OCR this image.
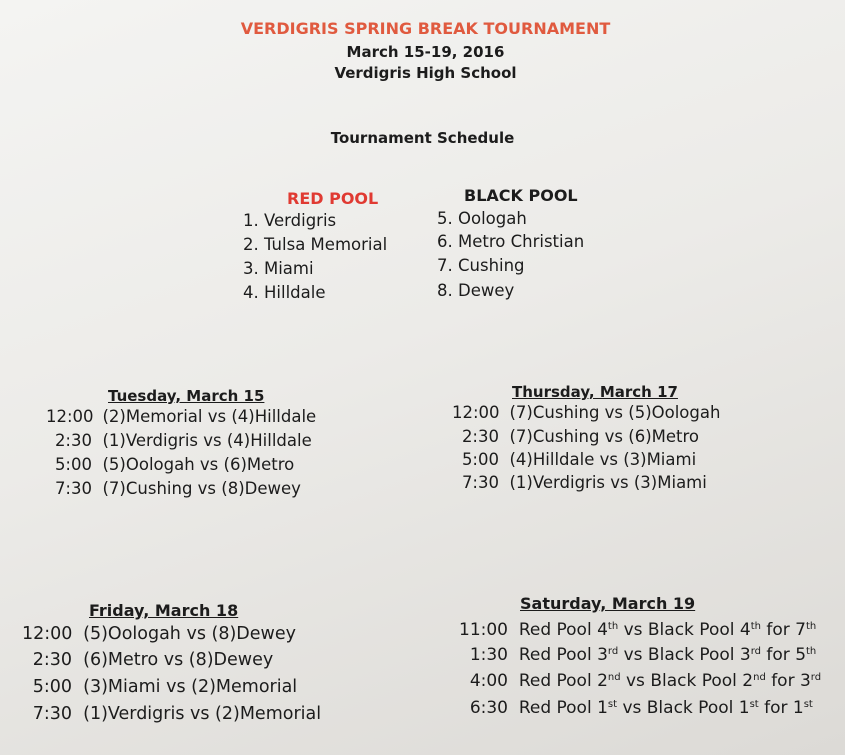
VERDIGRIS SPRING BREAK TOURNAMENT
March 15-19, 2016
Verdigris High School
Tournament Schedule
RED POOL
1. Verdigris
2. Tulsa Memorial
3. Miami
4. Hilldale
BLACK POOL
5. Oologah
6. Metro Christian
7. Cushing
8. Dewey
Tuesday, March 15
12:00 (2)Memorial vs (4)Hilldale
2:30 (1)Verdigris vs (4)Hilldale
5:00 (5)Oologah vs (6)Metro
7:30 (7)Cushing vs (8)Dewey
Thursday, March 17
12:00 (7)Cushing vs (5)Oologah
2:30 (7)Cushing vs (6)Metro
5:00 (4)Hilldale vs (3)Miami
7:30 (1)Verdigris vs (3)Miami
Friday, March 18
12:00 (5)Oologah vs (8)Dewey
2:30 (6)Metro vs (8)Dewey
5:00 (3)Miami vs (2)Memorial
7:30 (1)Verdigris vs (2)Memorial
Saturday, March 19
11:00 Red Pool 4th vs Black Pool 4th for 7th
1:30 Red Pool 3rd vs Black Pool 3rd for 5th
4:00 Red Pool 2nd vs Black Pool 2nd for 3rd
6:30 Red Pool 1st vs Black Pool 1st for 1st
